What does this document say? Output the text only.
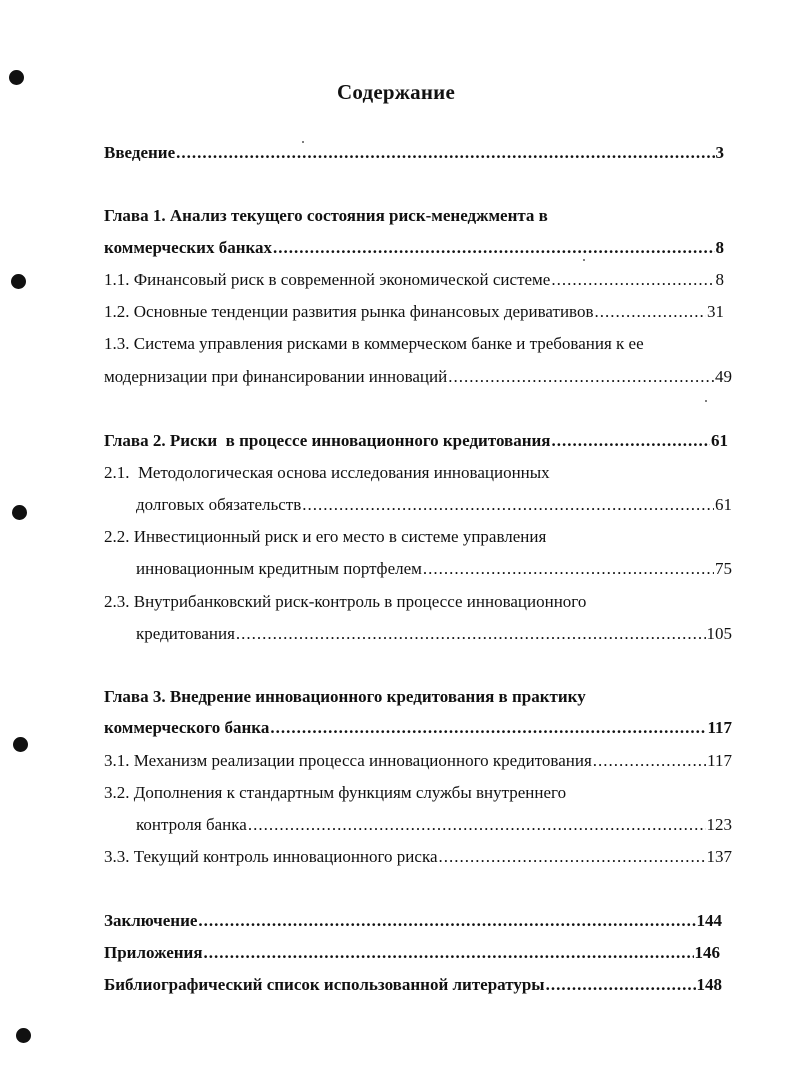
Содержание
Введение .....	3
Глава 1. Анализ текущего состояния риск-менеджмента в
коммерческих банках .....	8
1.1. Финансовый риск в современной экономической системе .....	8
1.2. Основные тенденции развития рынка финансовых деривативов .....	31
1.3. Система управления рисками в коммерческом банке и требования к ее
модернизации при финансировании инноваций .....	49
Глава 2. Риски  в процессе инновационного кредитования .....	61
2.1.  Методологическая основа исследования инновационных
долговых обязательств .....	61
2.2. Инвестиционный риск и его место в системе управления
инновационным кредитным портфелем .....	75
2.3. Внутрибанковский риск-контроль в процессе инновационного
кредитования .....	105
Глава 3. Внедрение инновационного кредитования в практику
коммерческого банка .....	117
3.1. Механизм реализации процесса инновационного кредитования .....	117
3.2. Дополнения к стандартным функциям службы внутреннего
контроля банка .....	123
3.3. Текущий контроль инновационного риска .....	137
Заключение .....	144
Приложения .....	146
Библиографический список использованной литературы .....	148
